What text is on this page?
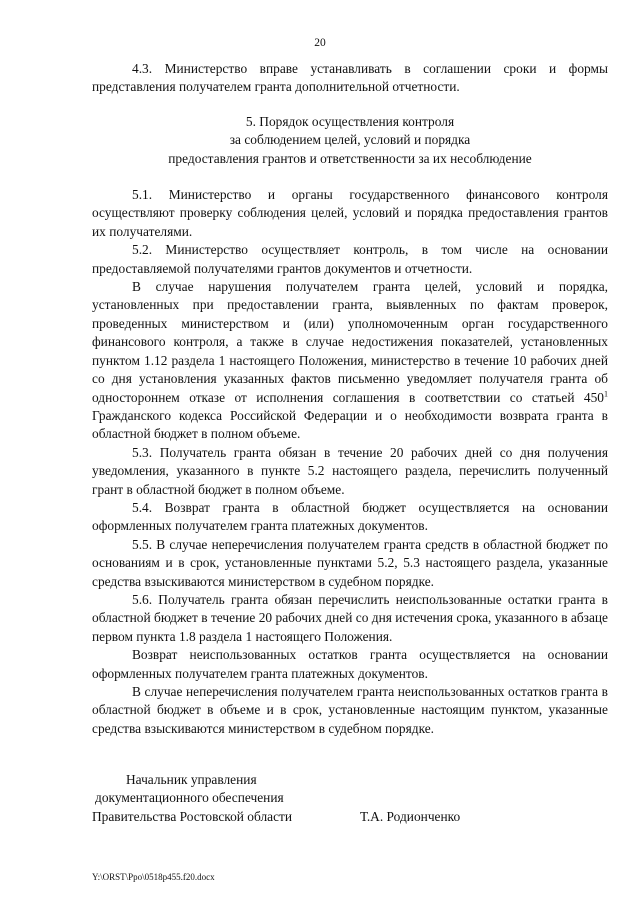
20

4.3. Министерство вправе устанавливать в соглашении сроки и формы представления получателем гранта дополнительной отчетности.

5. Порядок осуществления контроля
за соблюдением целей, условий и порядка
предоставления грантов и ответственности за их несоблюдение

5.1. Министерство и органы государственного финансового контроля осуществляют проверку соблюдения целей, условий и порядка предоставления грантов их получателями.

5.2. Министерство осуществляет контроль, в том числе на основании предоставляемой получателями грантов документов и отчетности.

В случае нарушения получателем гранта целей, условий и порядка, установленных при предоставлении гранта, выявленных по фактам проверок, проведенных министерством и (или) уполномоченным орган государственного финансового контроля, а также в случае недостижения показателей, установленных пунктом 1.12 раздела 1 настоящего Положения, министерство в течение 10 рабочих дней со дня установления указанных фактов письменно уведомляет получателя гранта об одностороннем отказе от исполнения соглашения в соответствии со статьей $450^1$ Гражданского кодекса Российской Федерации и о необходимости возврата гранта в областной бюджет в полном объеме.

5.3. Получатель гранта обязан в течение 20 рабочих дней со дня получения уведомления, указанного в пункте 5.2 настоящего раздела, перечислить полученный грант в областной бюджет в полном объеме.

5.4. Возврат гранта в областной бюджет осуществляется на основании оформленных получателем гранта платежных документов.

5.5. В случае неперечисления получателем гранта средств в областной бюджет по основаниям и в срок, установленные пунктами 5.2, 5.3 настоящего раздела, указанные средства взыскиваются министерством в судебном порядке.

5.6. Получатель гранта обязан перечислить неиспользованные остатки гранта в областной бюджет в течение 20 рабочих дней со дня истечения срока, указанного в абзаце первом пункта 1.8 раздела 1 настоящего Положения.

Возврат неиспользованных остатков гранта осуществляется на основании оформленных получателем гранта платежных документов.

В случае неперечисления получателем гранта неиспользованных остатков гранта в областной бюджет в объеме и в срок, установленные настоящим пунктом, указанные средства взыскиваются министерством в судебном порядке.

Начальник управления
документационного обеспечения
Правительства Ростовской области	Т.А. Родионченко
Y:\ORST\Ppo\0518p455.f20.docx
